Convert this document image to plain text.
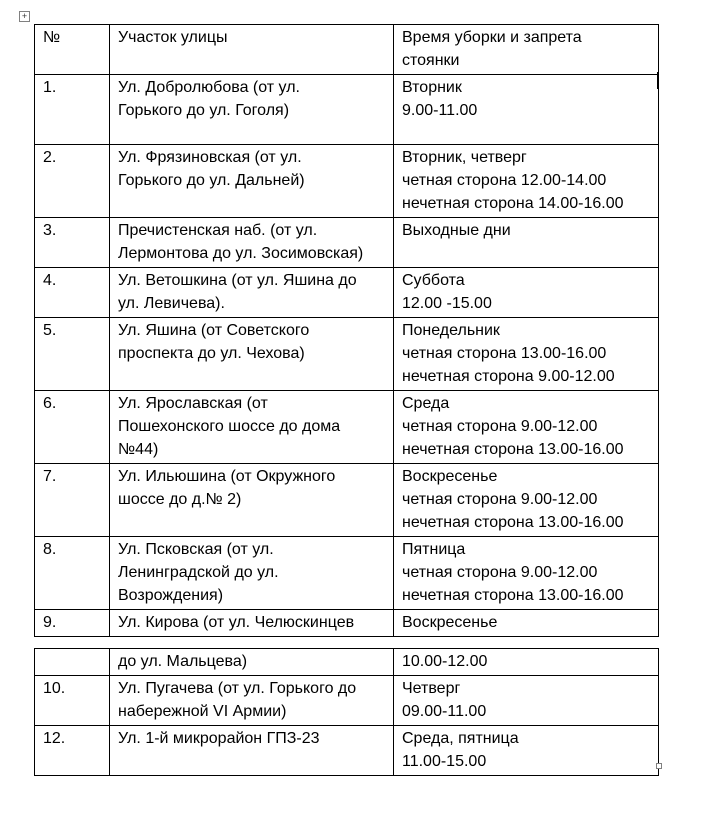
+
№	Участок улицы	Время уборки и запрета
стоянки
1.	Ул. Добролюбова (от ул.
Горького до ул. Гоголя)	Вторник
9.00-11.00
2.	Ул. Фрязиновская (от ул.
Горького до ул. Дальней)	Вторник, четверг
четная сторона 12.00-14.00
нечетная сторона 14.00-16.00
3.	Пречистенская наб. (от ул.
Лермонтова до ул. Зосимовская)	Выходные дни
4.	Ул. Ветошкина (от ул. Яшина до
ул. Левичева).	Суббота
12.00 -15.00
5.	Ул. Яшина (от Советского
проспекта до ул. Чехова)	Понедельник
четная сторона 13.00-16.00
нечетная сторона 9.00-12.00
6.	Ул. Ярославская (от
Пошехонского шоссе до дома
№44)	Среда
четная сторона 9.00-12.00
нечетная сторона 13.00-16.00
7.	Ул. Ильюшина (от Окружного
шоссе до д.№ 2)	Воскресенье
четная сторона 9.00-12.00
нечетная сторона 13.00-16.00
8.	Ул. Псковская (от ул.
Ленинградской до ул.
Возрождения)	Пятница
четная сторона 9.00-12.00
нечетная сторона 13.00-16.00
9.	Ул. Кирова (от ул. Челюскинцев	Воскресенье
	до ул. Мальцева)	10.00-12.00
10.	Ул. Пугачева (от ул. Горького до
набережной VI Армии)	Четверг
09.00-11.00
12.	Ул. 1-й микрорайон ГПЗ-23	Среда, пятница
11.00-15.00
